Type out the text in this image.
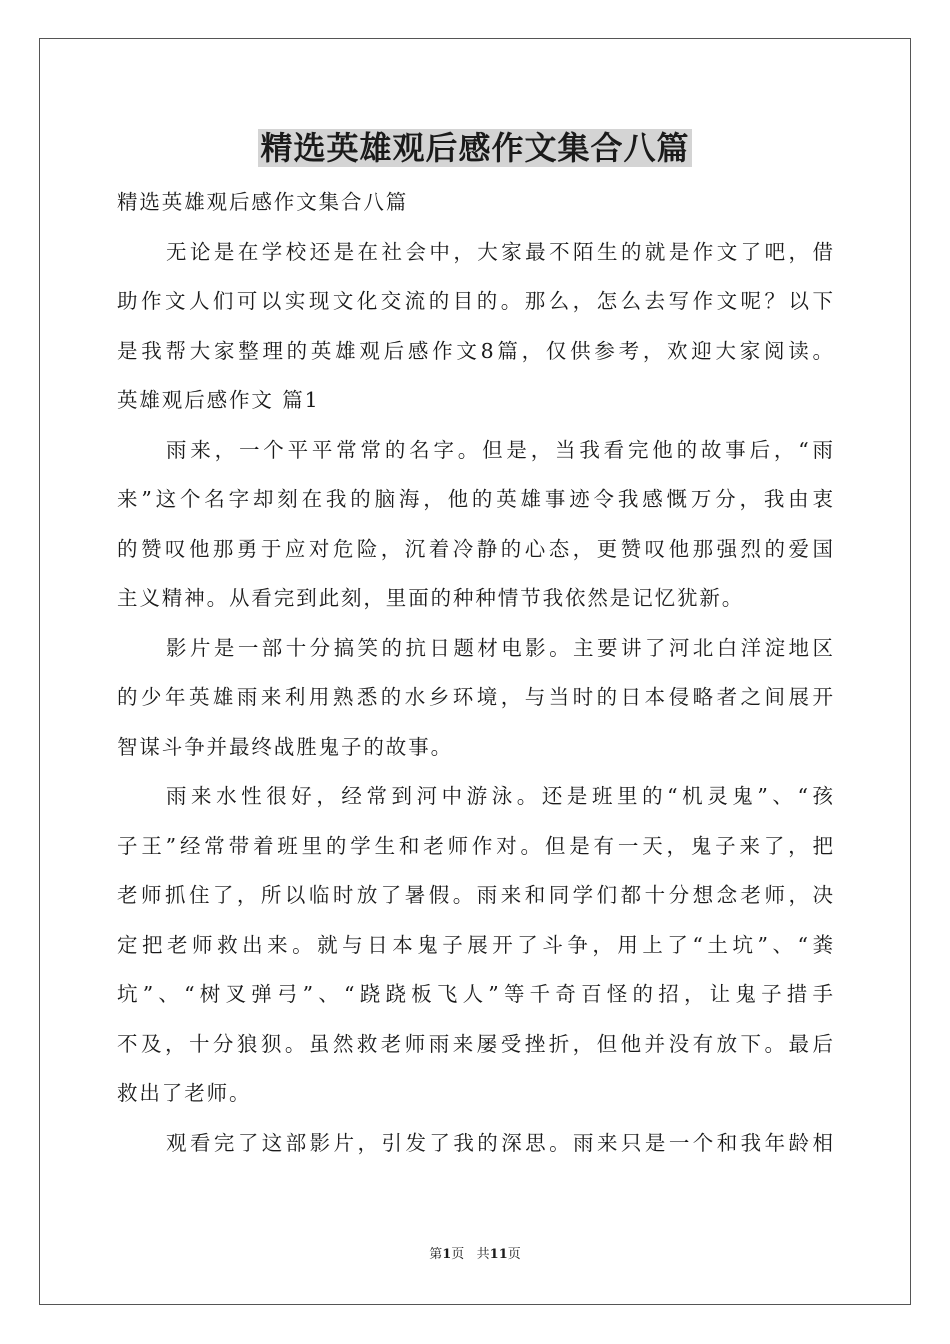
精选英雄观后感作文集合八篇
精选英雄观后感作文集合八篇
无论是在学校还是在社会中，大家最不陌生的就是作文了吧，借
助作文人们可以实现文化交流的目的。那么，怎么去写作文呢？以下
是我帮大家整理的英雄观后感作文8篇，仅供参考，欢迎大家阅读。
英雄观后感作文 篇1
雨来，一个平平常常的名字。但是，当我看完他的故事后，“雨
来”这个名字却刻在我的脑海，他的英雄事迹令我感慨万分，我由衷
的赞叹他那勇于应对危险，沉着冷静的心态，更赞叹他那强烈的爱国
主义精神。从看完到此刻，里面的种种情节我依然是记忆犹新。
影片是一部十分搞笑的抗日题材电影。主要讲了河北白洋淀地区
的少年英雄雨来利用熟悉的水乡环境，与当时的日本侵略者之间展开
智谋斗争并最终战胜鬼子的故事。
雨来水性很好，经常到河中游泳。还是班里的“机灵鬼”、“孩
子王”经常带着班里的学生和老师作对。但是有一天，鬼子来了，把
老师抓住了，所以临时放了暑假。雨来和同学们都十分想念老师，决
定把老师救出来。就与日本鬼子展开了斗争，用上了“土坑”、“粪
坑”、“树叉弹弓”、“跷跷板飞人”等千奇百怪的招，让鬼子措手
不及，十分狼狈。虽然救老师雨来屡受挫折，但他并没有放下。最后
救出了老师。
观看完了这部影片，引发了我的深思。雨来只是一个和我年龄相
第1页   共11页
